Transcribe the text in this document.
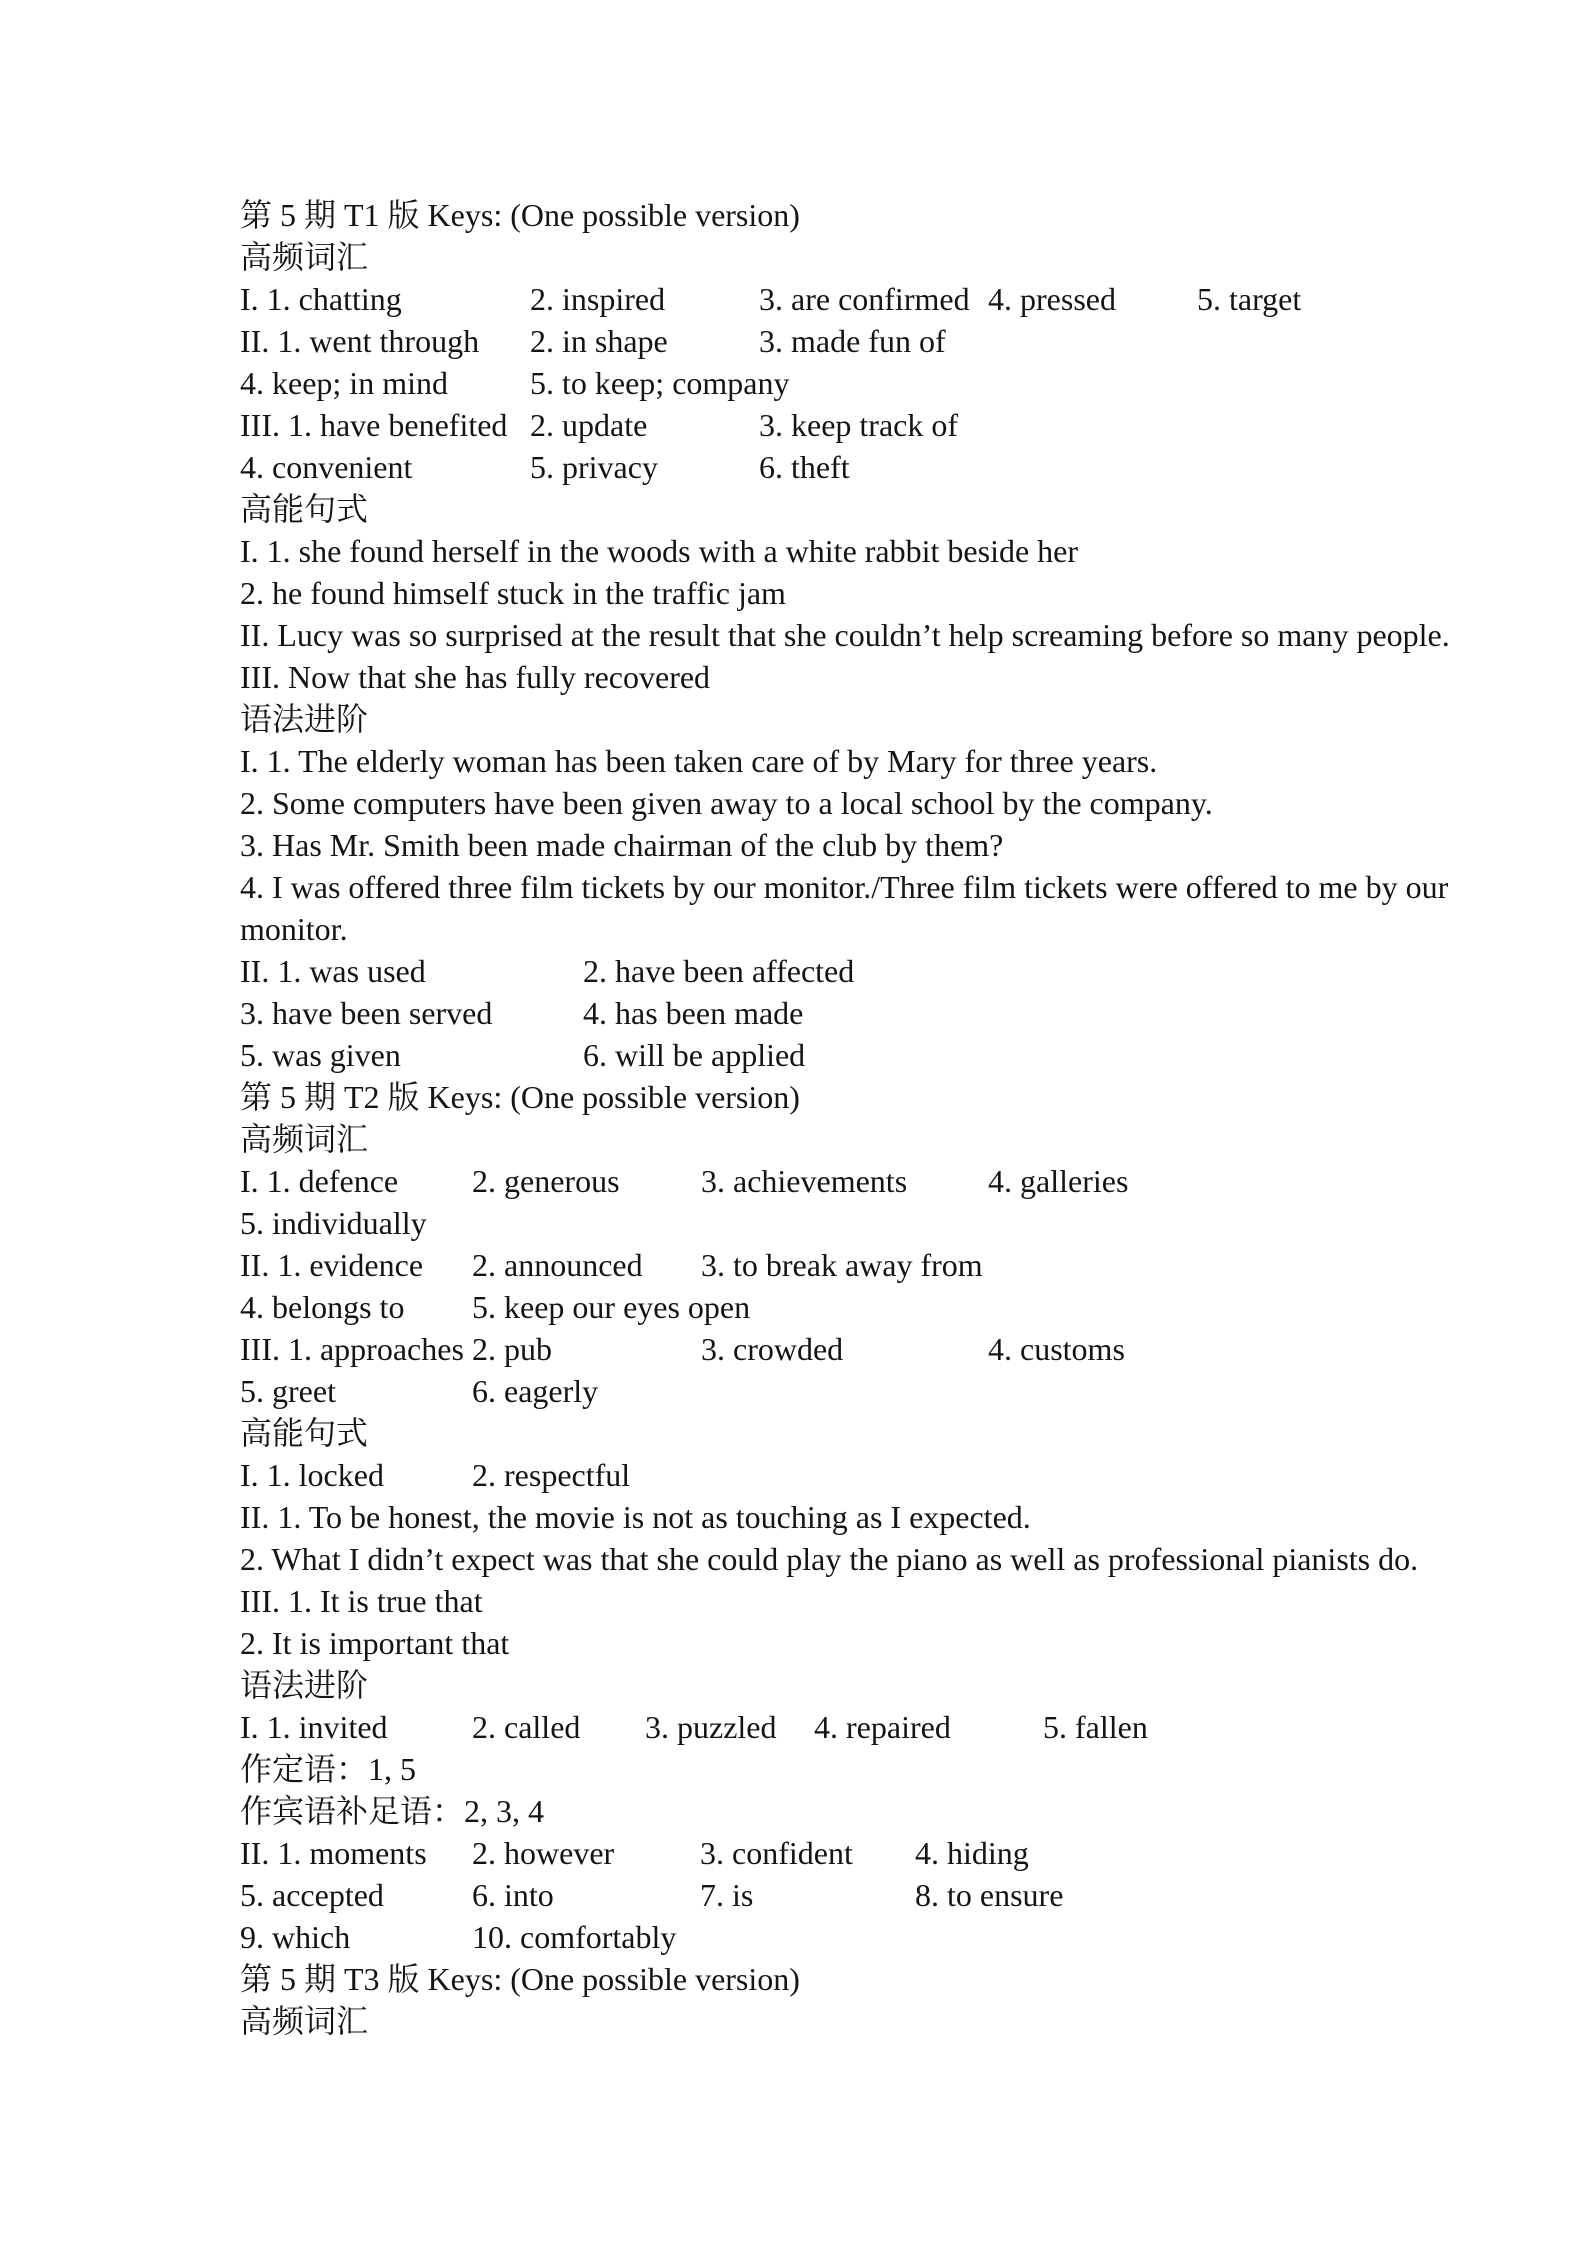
第 5 期 T1 版 Keys: (One possible version)
高频词汇
I. 1. chatting	2. inspired	3. are confirmed 4. pressed	5. target
II. 1. went through 2. in shape	3. made fun of
4. keep; in mind	5. to keep; company
III. 1. have benefited 2. update	3. keep track of
4. convenient	5. privacy	6. theft
高能句式
I. 1. she found herself in the woods with a white rabbit beside her
2. he found himself stuck in the traffic jam
II. Lucy was so surprised at the result that she couldn’t help screaming before so many people.
III. Now that she has fully recovered
语法进阶
I. 1. The elderly woman has been taken care of by Mary for three years.
2. Some computers have been given away to a local school by the company.
3. Has Mr. Smith been made chairman of the club by them?
4. I was offered three film tickets by our monitor./Three film tickets were offered to me by our
monitor.
II. 1. was used	2. have been affected
3. have been served	4. has been made
5. was given	6. will be applied
第 5 期 T2 版 Keys: (One possible version)
高频词汇
I. 1. defence 2. generous	3. achievements	4. galleries
5. individually
II. 1. evidence 2. announced 3. to break away from
4. belongs to 5. keep our eyes open
III. 1. approaches 2. pub	3. crowded	4. customs
5. greet	6. eagerly
高能句式
I. 1. locked	2. respectful
II. 1. To be honest, the movie is not as touching as I expected.
2. What I didn’t expect was that she could play the piano as well as professional pianists do.
III. 1. It is true that
2. It is important that
语法进阶
I. 1. invited	2. called 3. puzzled 4. repaired	5. fallen
作定语：1, 5
作宾语补足语：2, 3, 4
II. 1. moments 2. however	3. confident 4. hiding
5. accepted	6. into	7. is	8. to ensure
9. which	10. comfortably
第 5 期 T3 版 Keys: (One possible version)
高频词汇
